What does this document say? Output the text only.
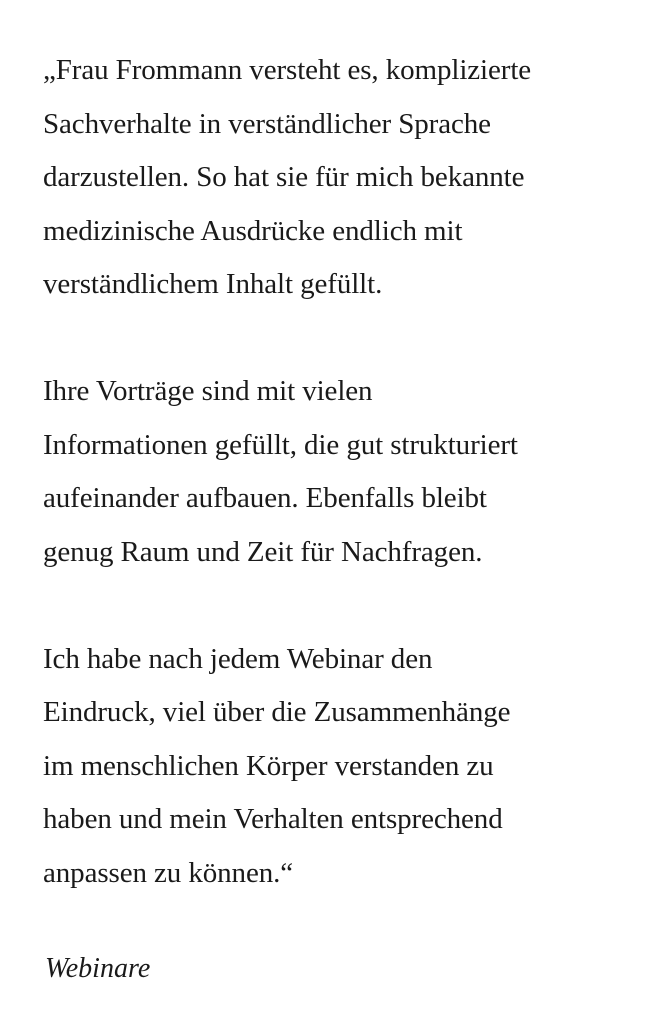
„Frau Frommann versteht es, komplizierte
Sachverhalte in verständlicher Sprache
darzustellen. So hat sie für mich bekannte
medizinische Ausdrücke endlich mit
verständlichem Inhalt gefüllt.

Ihre Vorträge sind mit vielen
Informationen gefüllt, die gut strukturiert
aufeinander aufbauen. Ebenfalls bleibt
genug Raum und Zeit für Nachfragen.

Ich habe nach jedem Webinar den
Eindruck, viel über die Zusammenhänge
im menschlichen Körper verstanden zu
haben und mein Verhalten entsprechend
anpassen zu können.“

Webinare
